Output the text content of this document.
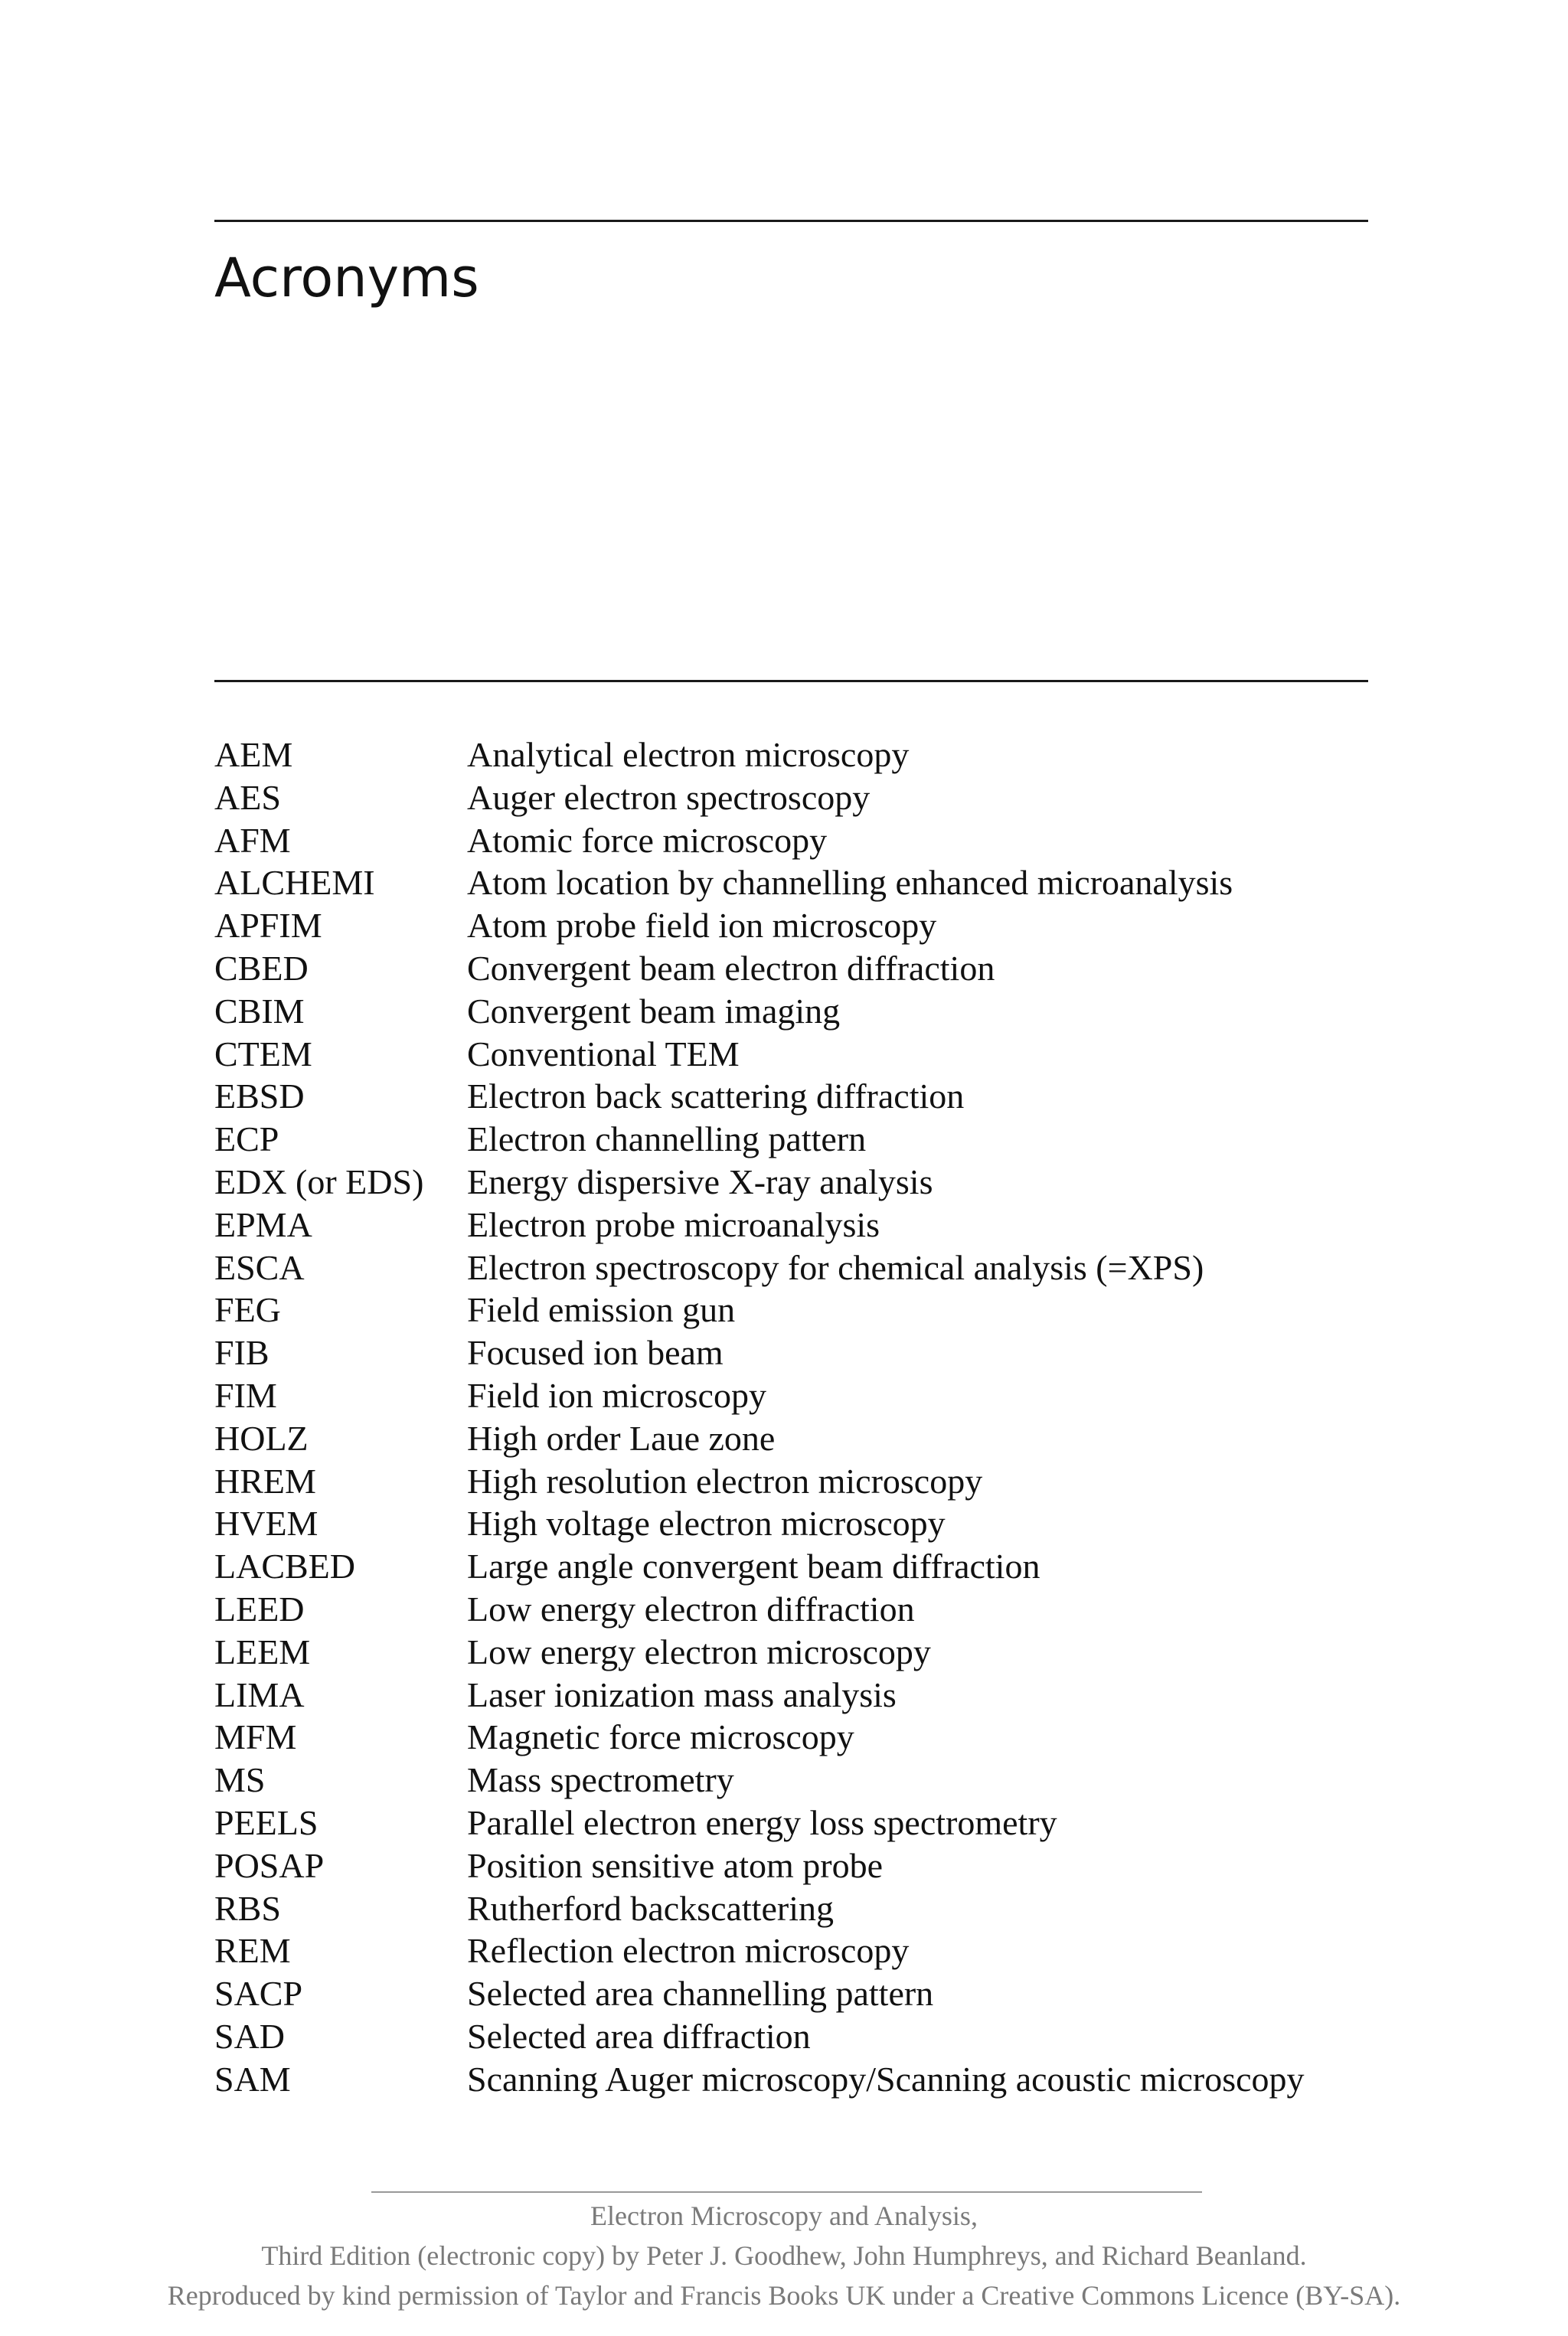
Acronyms
AEM	Analytical electron microscopy
AES	Auger electron spectroscopy
AFM	Atomic force microscopy
ALCHEMI	Atom location by channelling enhanced microanalysis
APFIM	Atom probe field ion microscopy
CBED	Convergent beam electron diffraction
CBIM	Convergent beam imaging
CTEM	Conventional TEM
EBSD	Electron back scattering diffraction
ECP	Electron channelling pattern
EDX (or EDS)	Energy dispersive X-ray analysis
EPMA	Electron probe microanalysis
ESCA	Electron spectroscopy for chemical analysis (=XPS)
FEG	Field emission gun
FIB	Focused ion beam
FIM	Field ion microscopy
HOLZ	High order Laue zone
HREM	High resolution electron microscopy
HVEM	High voltage electron microscopy
LACBED	Large angle convergent beam diffraction
LEED	Low energy electron diffraction
LEEM	Low energy electron microscopy
LIMA	Laser ionization mass analysis
MFM	Magnetic force microscopy
MS	Mass spectrometry
PEELS	Parallel electron energy loss spectrometry
POSAP	Position sensitive atom probe
RBS	Rutherford backscattering
REM	Reflection electron microscopy
SACP	Selected area channelling pattern
SAD	Selected area diffraction
SAM	Scanning Auger microscopy/Scanning acoustic microscopy
Electron Microscopy and Analysis,
Third Edition (electronic copy) by Peter J. Goodhew, John Humphreys, and Richard Beanland.
Reproduced by kind permission of Taylor and Francis Books UK under a Creative Commons Licence (BY-SA).
